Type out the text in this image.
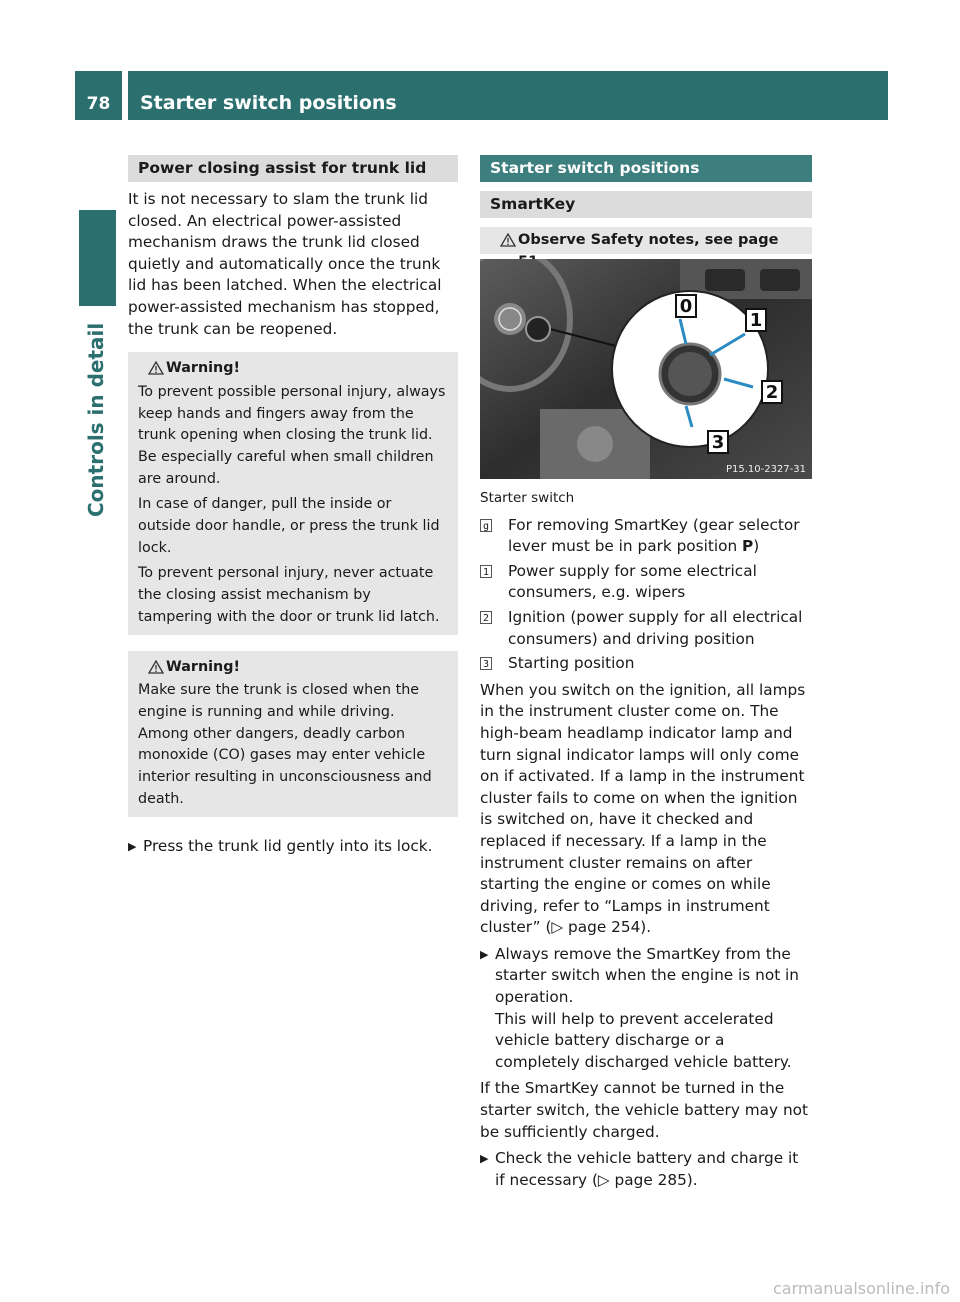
78 Starter switch positions
Controls in detail
Power closing assist for trunk lid

It is not necessary to slam the trunk lid closed. An electrical power-assisted mechanism draws the trunk lid closed quietly and automatically once the trunk lid has been latched. When the electrical power-assisted mechanism has stopped, the trunk can be reopened.

Warning!

To prevent possible personal injury, always keep hands and fingers away from the trunk opening when closing the trunk lid. Be especially careful when small children are around.

In case of danger, pull the inside or outside door handle, or press the trunk lid lock.

To prevent personal injury, never actuate the closing assist mechanism by tampering with the door or trunk lid latch.

Warning!

Make sure the trunk is closed when the engine is running and while driving. Among other dangers, deadly carbon monoxide (CO) gases may enter vehicle interior resulting in unconsciousness and death.

▶ Press the trunk lid gently into its lock.
Starter switch positions
SmartKey

Observe Safety notes, see page

0
1
2
3
P15.10-2327-31

Starter switch

g For removing SmartKey (gear selector lever must be in park position P)
1 Power supply for some electrical consumers, e.g. wipers
2 Ignition (power supply for all electrical consumers) and driving position
3 Starting position

When you switch on the ignition, all lamps in the instrument cluster come on. The high-beam headlamp indicator lamp and turn signal indicator lamps will only come on if activated. If a lamp in the instrument cluster fails to come on when the ignition is switched on, have it checked and replaced if necessary. If a lamp in the instrument cluster remains on after starting the engine or comes on while driving, refer to “Lamps in instrument cluster” (▷ page 254).

▶ Always remove the SmartKey from the starter switch when the engine is not in operation.
This will help to prevent accelerated vehicle battery discharge or a completely discharged vehicle battery.

If the SmartKey cannot be turned in the starter switch, the vehicle battery may not be sufficiently charged.

▶ Check the vehicle battery and charge it if necessary (▷ page 285).
carmanualsonline.info
